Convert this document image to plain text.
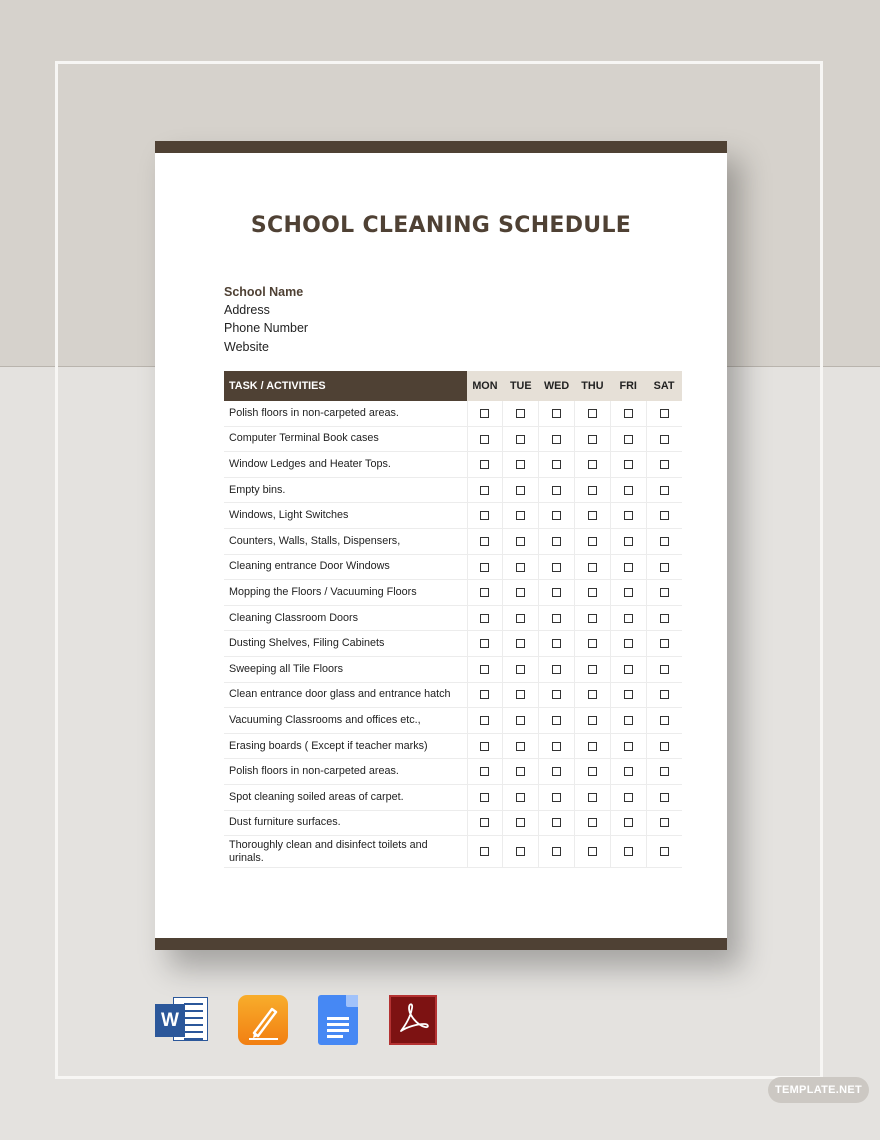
SCHOOL CLEANING SCHEDULE
School Name
Address
Phone Number
Website
TASK / ACTIVITIES	MON	TUE	WED	THU	FRI	SAT
Polish floors in non-carpeted areas.						
Computer Terminal Book cases						
Window Ledges and Heater Tops.						
Empty bins.						
Windows, Light Switches						
Counters, Walls, Stalls, Dispensers,						
Cleaning entrance Door Windows						
Mopping the Floors / Vacuuming Floors						
Cleaning Classroom Doors						
Dusting Shelves, Filing Cabinets						
Sweeping all Tile Floors						
Clean entrance door glass and entrance hatch						
Vacuuming Classrooms and offices etc.,						
Erasing boards ( Except if teacher marks)						
Polish floors in non-carpeted areas.						
Spot cleaning soiled areas of carpet.						
Dust furniture surfaces.						
Thoroughly clean and disinfect toilets and urinals.						
W
TEMPLATE.NET
